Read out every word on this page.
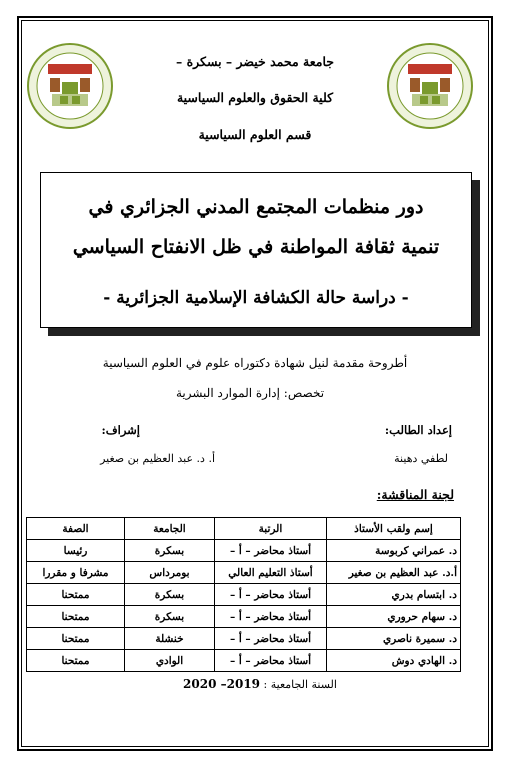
جامعة محمد خيضر – بسكرة –
كلية الحقوق والعلوم السياسية
قسم العلوم السياسية
دور منظمات المجتمع المدني الجزائري في
تنمية ثقافة المواطنة في ظل الانفتاح السياسي
- دراسة حالة الكشافة الإسلامية الجزائرية -
أطروحة مقدمة لنيل شهادة دكتوراه علوم في العلوم السياسية
تخصص: إدارة الموارد البشرية
إعداد الطالب:
إشراف:
لطفي دهينة
أ. د. عبد العظيم بن صغير
لجنة المناقشة:
إسم ولقب الأستاذ	الرتبة	الجامعة	الصفة
د. عمراني كربوسة	أستاذ محاضر – أ –	بسكرة	رئيسا
أ.د. عبد العظيم بن صغير	أستاذ التعليم العالي	بومرداس	مشرفا و مقررا
د. ابتسام بدري	أستاذ محاضر – أ –	بسكرة	ممتحنا
د. سهام حروري	أستاذ محاضر – أ –	بسكرة	ممتحنا
د. سميرة ناصري	أستاذ محاضر – أ –	خنشلة	ممتحنا
د. الهادي دوش	أستاذ محاضر – أ –	الوادي	ممتحنا
السنة الجامعية : 2019– 2020
